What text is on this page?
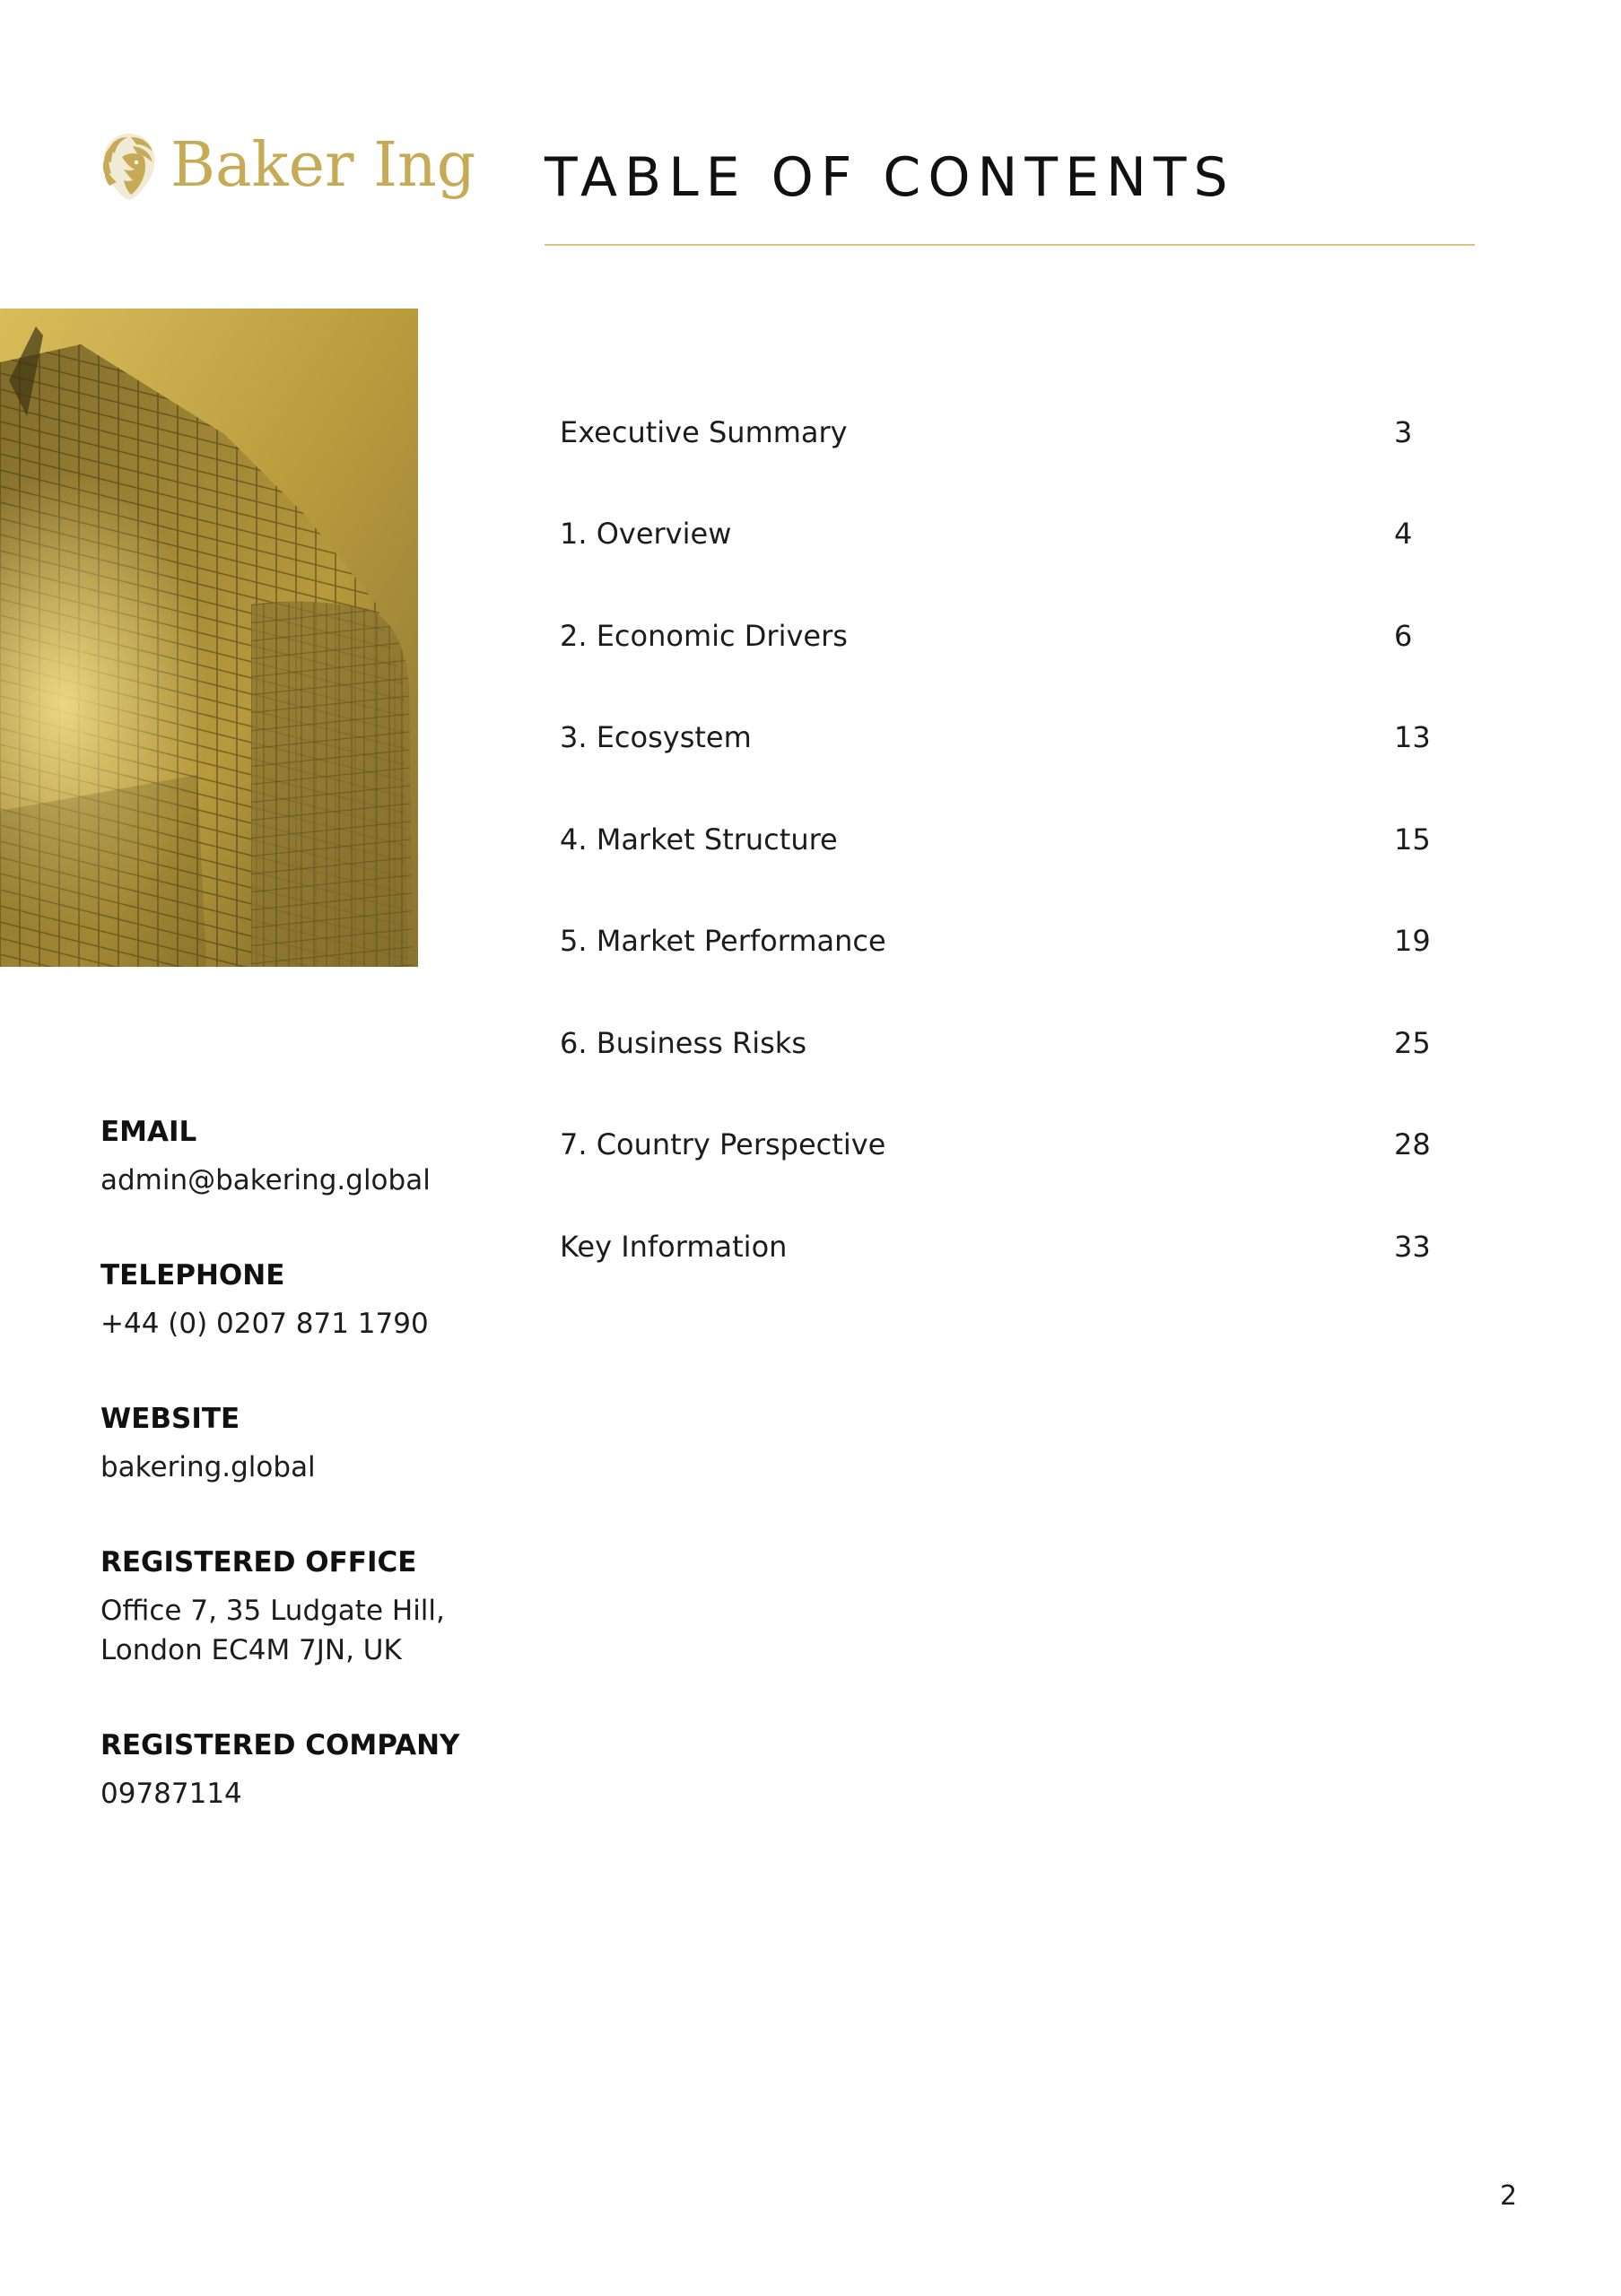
Baker Ing TABLE OF CONTENTS
Executive Summary	3
1. Overview	4
2. Economic Drivers	6
3. Ecosystem	13
4. Market Structure	15
5. Market Performance	19
6. Business Risks	25
7. Country Perspective	28
Key Information	33
EMAIL
admin@bakering.global
TELEPHONE
+44 (0) 0207 871 1790
WEBSITE
bakering.global
REGISTERED OFFICE
Office 7, 35 Ludgate Hill,
London EC4M 7JN, UK
REGISTERED COMPANY
09787114
2
